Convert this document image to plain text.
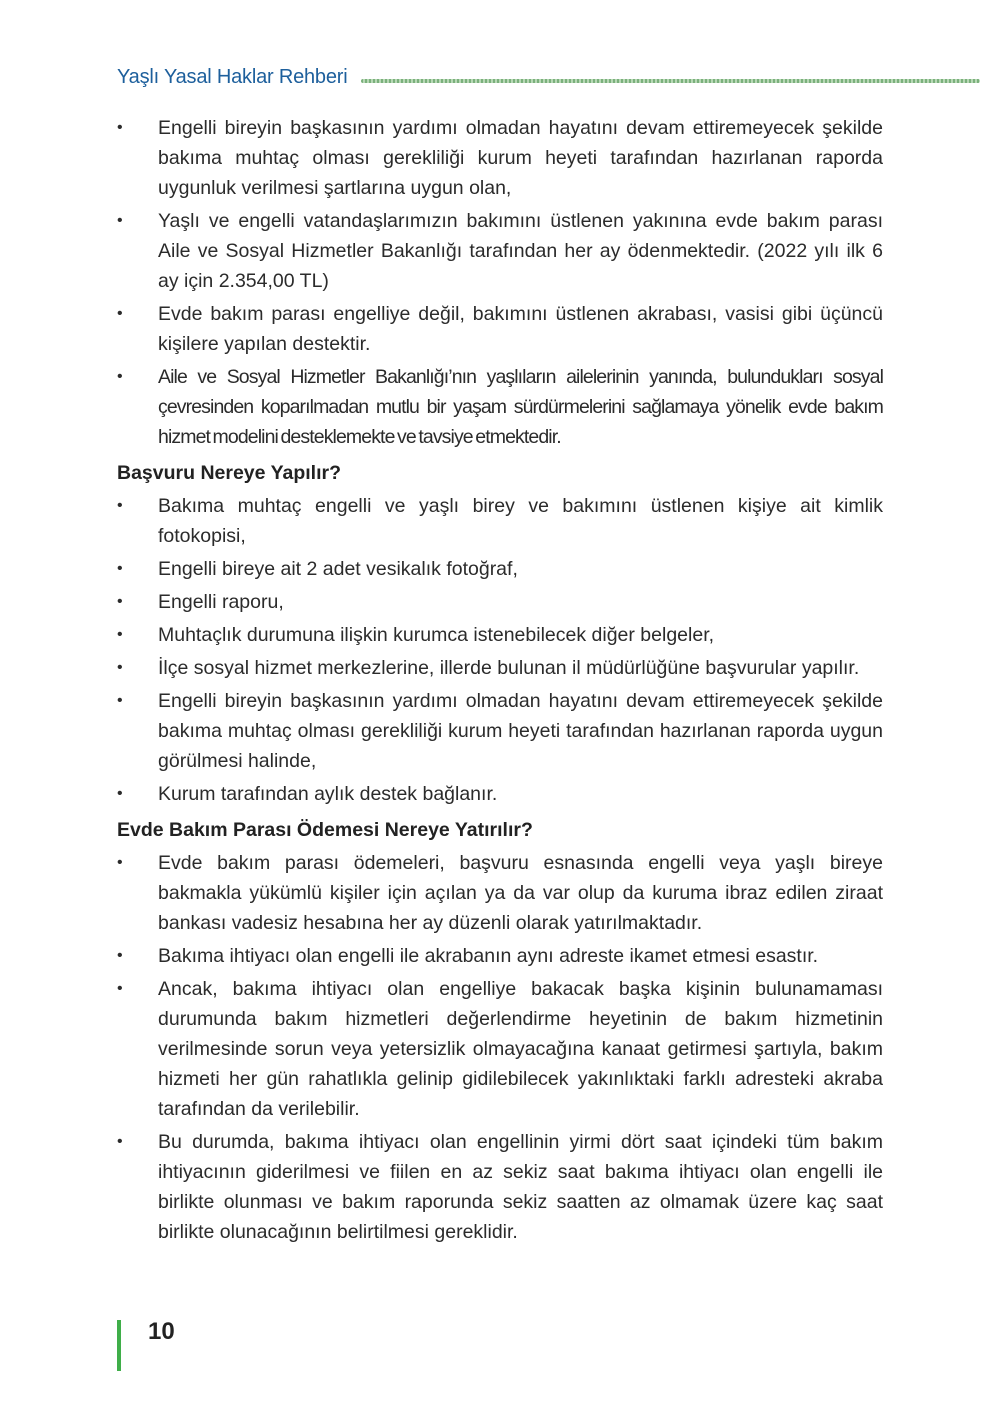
Yaşlı Yasal Haklar Rehberi
• Engelli bireyin başkasının yardımı olmadan hayatını devam ettiremeyecek şekilde bakıma muhtaç olması gerekliliği kurum heyeti tarafından hazırlanan raporda uygunluk verilmesi şartlarına uygun olan,
• Yaşlı ve engelli vatandaşlarımızın bakımını üstlenen yakınına evde bakım parası Aile ve Sosyal Hizmetler Bakanlığı tarafından her ay ödenmektedir. (2022 yılı ilk 6 ay için 2.354,00 TL)
• Evde bakım parası engelliye değil, bakımını üstlenen akrabası, vasisi gibi üçüncü kişilere yapılan destektir.
• Aile ve Sosyal Hizmetler Bakanlığı’nın yaşlıların ailelerinin yanında, bulundukları sosyal çevresinden koparılmadan mutlu bir yaşam sürdürmelerini sağlamaya yönelik evde bakım hizmet modelini desteklemekte ve tavsiye etmektedir.
Başvuru Nereye Yapılır?
• Bakıma muhtaç engelli ve yaşlı birey ve bakımını üstlenen kişiye ait kimlik fotokopisi,
• Engelli bireye ait 2 adet vesikalık fotoğraf,
• Engelli raporu,
• Muhtaçlık durumuna ilişkin kurumca istenebilecek diğer belgeler,
• İlçe sosyal hizmet merkezlerine, illerde bulunan il müdürlüğüne başvurular yapılır.
• Engelli bireyin başkasının yardımı olmadan hayatını devam ettiremeyecek şekilde bakıma muhtaç olması gerekliliği kurum heyeti tarafından hazırlanan raporda uygun görülmesi halinde,
• Kurum tarafından aylık destek bağlanır.
Evde Bakım Parası Ödemesi Nereye Yatırılır?
• Evde bakım parası ödemeleri, başvuru esnasında engelli veya yaşlı bireye bakmakla yükümlü kişiler için açılan ya da var olup da kuruma ibraz edilen ziraat bankası vadesiz hesabına her ay düzenli olarak yatırılmaktadır.
• Bakıma ihtiyacı olan engelli ile akrabanın aynı adreste ikamet etmesi esastır.
• Ancak, bakıma ihtiyacı olan engelliye bakacak başka kişinin bulunamaması durumunda bakım hizmetleri değerlendirme heyetinin de bakım hizmetinin verilmesinde sorun veya yetersizlik olmayacağına kanaat getirmesi şartıyla, bakım hizmeti her gün rahatlıkla gelinip gidilebilecek yakınlıktaki farklı adresteki akraba tarafından da verilebilir.
• Bu durumda, bakıma ihtiyacı olan engellinin yirmi dört saat içindeki tüm bakım ihtiyacının giderilmesi ve fiilen en az sekiz saat bakıma ihtiyacı olan engelli ile birlikte olunması ve bakım raporunda sekiz saatten az olmamak üzere kaç saat birlikte olunacağının belirtilmesi gereklidir.
10
